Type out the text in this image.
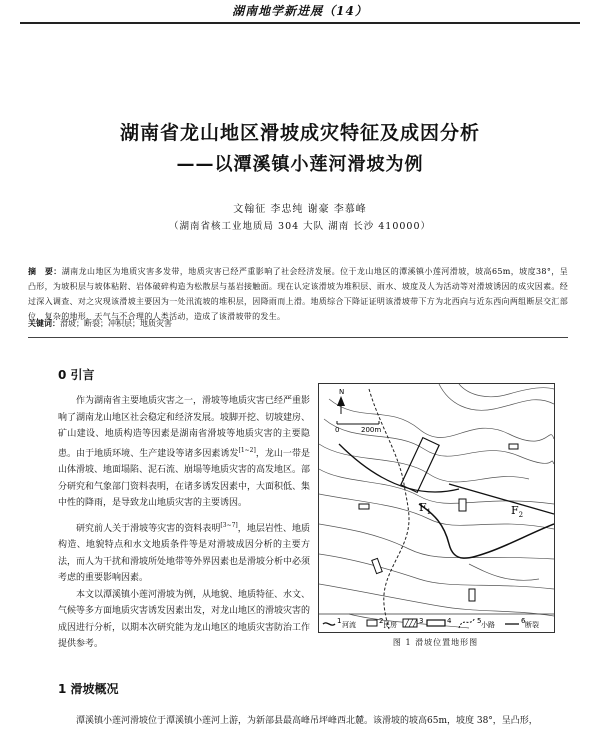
湖南地学新进展（14）
湖南省龙山地区滑坡成灾特征及成因分析
——以潭溪镇小莲河滑坡为例
文翰征 李忠纯 谢豪 李慕峰
（湖南省核工业地质局 304 大队 湖南 长沙 410000）
摘　要：湖南龙山地区为地质灾害多发带，地质灾害已经严重影响了社会经济发展。位于龙山地区的潭溪镇小莲河滑坡，坡高65m，坡度38°，呈凸形，为坡积层与坡体粘附、岩体破碎构造为松散层与基岩接触面。现在认定该滑坡为堆积层、雨水、坡度及人为活动等对滑坡诱因的成灾因素。经过深入调查、对之灾现该滑坡主要因为一处汛流坡的堆积层，因降雨而上滑。地质综合下降证证明该滑坡带下方为北西向与近东西向两组断层交汇部位，复杂的地形、天气与不合理的人类活动，造成了该滑坡带的发生。
关键词：滑坡；断裂；冲积层；地质灾害
0 引言

作为湖南省主要地质灾害之一，滑坡等地质灾害已经严重影响了湖南龙山地区社会稳定和经济发展。坡脚开挖、切坡建房、矿山建设、地质构造等因素是湖南省滑坡等地质灾害的主要隐患。由于地质环境、生产建设等诸多因素诱发[1~2]，龙山一带是山体滑坡、地面塌陷、泥石流、崩塌等地质灾害的高发地区。部分研究和气象部门资料表明，在诸多诱发因素中，大面积低、集中性的降雨，是导致龙山地质灾害的主要诱因。

研究前人关于滑坡等灾害的资料表明[3~7]，地层岩性、地质构造、地貌特点和水文地质条件等是对滑坡成因分析的主要方法，而人为干扰和滑坡所处地带等外界因素也是滑坡分析中必须考虑的重要影响因素。

本文以潭溪镇小莲河滑坡为例，从地貌、地质特征、水文、气候等多方面地质灾害诱发因素出发，对龙山地区的滑坡灾害的成因进行分析，以期本次研究能为龙山地区的地质灾害防治工作提供参考。

N
0	200m
$F_1$	$F_2$
1 河流	2 民房	3	4	5 小路	6 断裂
图 1 滑坡位置地形图
1 滑坡概况
潭溪镇小莲河滑坡位于潭溪镇小莲河上游，为新部县最高峰吊坪峰西北麓。该滑坡的坡高65m，坡度 38°，呈凸形，
